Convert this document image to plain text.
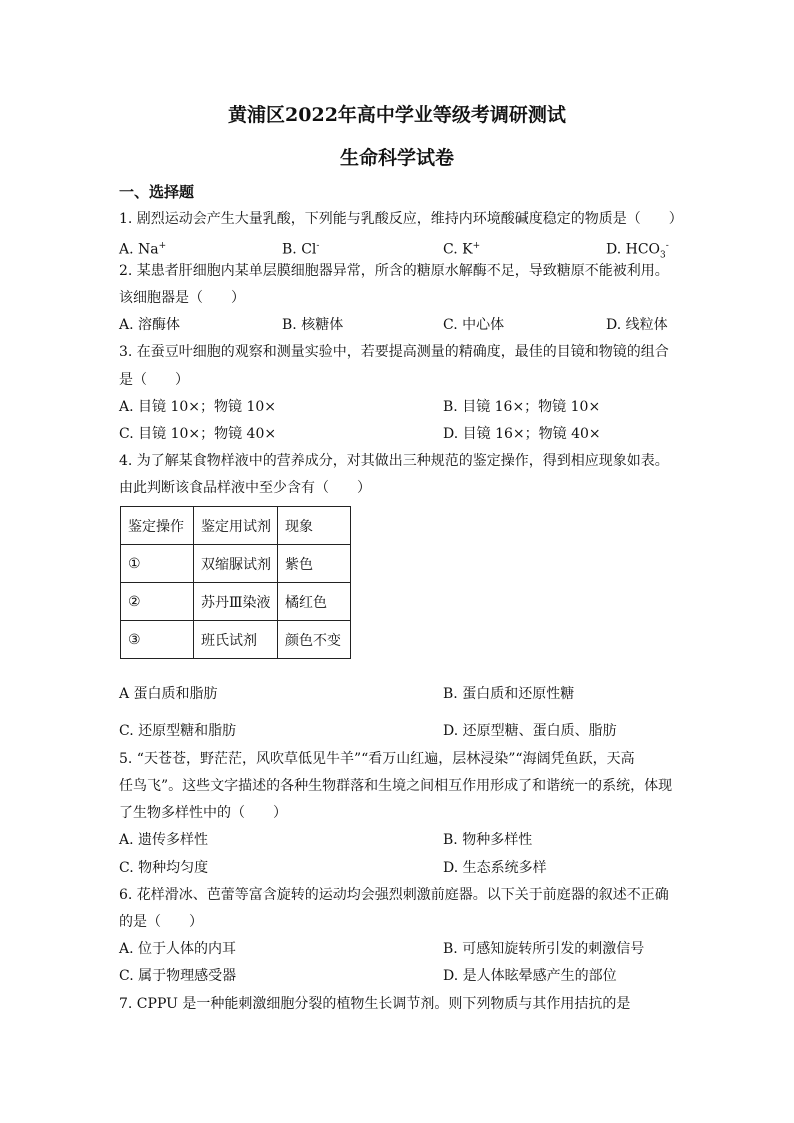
黄浦区2022年高中学业等级考调研测试
生命科学试卷
一、选择题
1. 剧烈运动会产生大量乳酸，下列能与乳酸反应，维持内环境酸碱度稳定的物质是（　　）
A. Na+	B. Cl-	C. K+	D. $HCO_3^-$
2. 某患者肝细胞内某单层膜细胞器异常，所含的糖原水解酶不足，导致糖原不能被利用。
该细胞器是（　　）
A. 溶酶体	B. 核糖体	C. 中心体	D. 线粒体
3. 在蚕豆叶细胞的观察和测量实验中，若要提高测量的精确度，最佳的目镜和物镜的组合
是（　　）
A. 目镜 10×；物镜 10×	B. 目镜 16×；物镜 10×
C. 目镜 10×；物镜 40×	D. 目镜 16×；物镜 40×
4. 为了解某食物样液中的营养成分，对其做出三种规范的鉴定操作，得到相应现象如表。
由此判断该食品样液中至少含有（　　）
鉴定操作	鉴定用试剂	现象
①	双缩脲试剂	紫色
②	苏丹Ⅲ染液	橘红色
③	班氏试剂	颜色不变
A 蛋白质和脂肪	B. 蛋白质和还原性糖
C. 还原型糖和脂肪	D. 还原型糖、蛋白质、脂肪
5. “天苍苍，野茫茫，风吹草低见牛羊”“看万山红遍，层林浸染”“海阔凭鱼跃，天高
任鸟飞”。这些文字描述的各种生物群落和生境之间相互作用形成了和谐统一的系统，体现
了生物多样性中的（　　）
A. 遗传多样性	B. 物种多样性
C. 物种均匀度	D. 生态系统多样
6. 花样滑冰、芭蕾等富含旋转的运动均会强烈刺激前庭器。以下关于前庭器的叙述不正确
的是（　　）
A. 位于人体的内耳	B. 可感知旋转所引发的刺激信号
C. 属于物理感受器	D. 是人体眩晕感产生的部位
7. CPPU 是一种能刺激细胞分裂的植物生长调节剂。则下列物质与其作用拮抗的是
